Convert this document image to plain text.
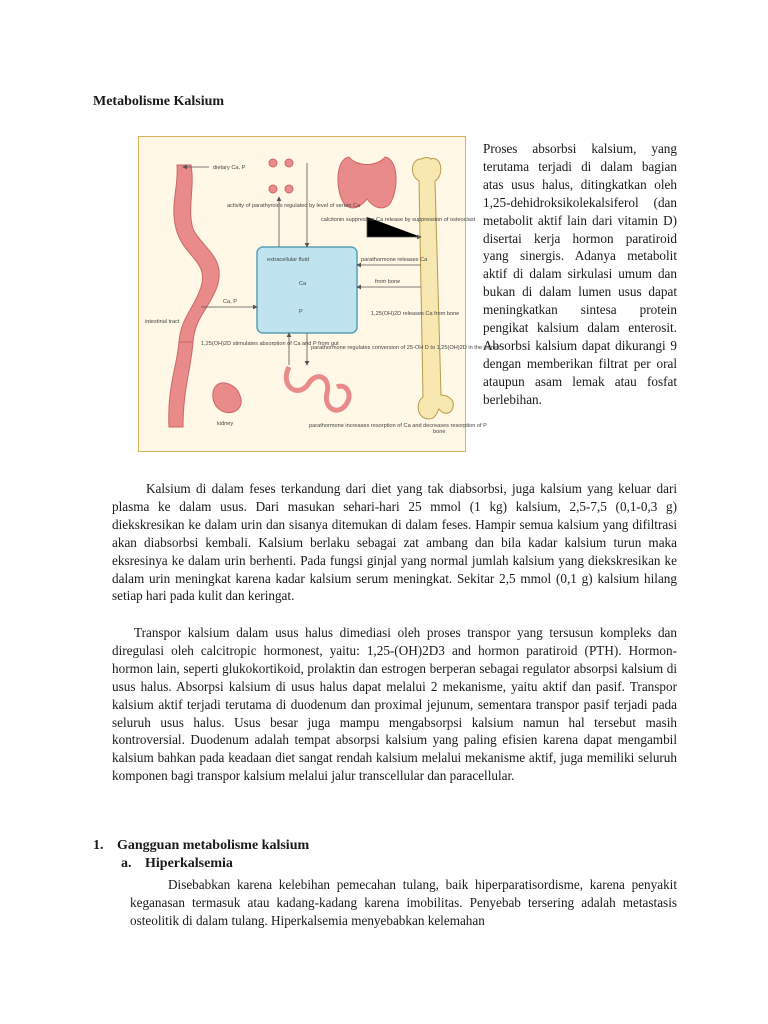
Metabolisme Kalsium
dietary Ca, P
activity of parathyroids regulated by level of serum Ca
calcitonin suppresses Ca release by suppression of osteoclast
extracellular fluid
Ca
P
parathormone releases Ca
from bone
Ca, P
intestinal tract
1,25(OH)2D stimulates absorption of Ca and P from gut
1,25(OH)2D releases Ca from bone
parathormone regulates conversion of 25-OH D to 1,25(OH)2D in the kidney
bone
kidney	parathormone increases resorption of Ca and decreases resorption of P
Proses absorbsi kalsium, yang terutama terjadi di dalam bagian atas usus halus, ditingkatkan oleh 1,25-dehidroksikolekalsiferol (dan metabolit aktif lain dari vitamin D) disertai kerja hormon paratiroid yang sinergis. Adanya metabolit aktif di dalam sirkulasi umum dan bukan di dalam lumen usus dapat meningkatkan sintesa protein pengikat kalsium dalam enterosit. Absorbsi kalsium dapat dikurangi 9 dengan memberikan filtrat per oral ataupun asam lemak atau fosfat berlebihan.

Kalsium di dalam feses terkandung dari diet yang tak diabsorbsi, juga kalsium yang keluar dari plasma ke dalam usus. Dari masukan sehari-hari 25 mmol (1 kg) kalsium, 2,5-7,5 (0,1-0,3 g) diekskresikan ke dalam urin dan sisanya ditemukan di dalam feses. Hampir semua kalsium yang difiltrasi akan diabsorbsi kembali. Kalsium berlaku sebagai zat ambang dan bila kadar kalsium turun maka eksresinya ke dalam urin berhenti. Pada fungsi ginjal yang normal jumlah kalsium yang diekskresikan ke dalam urin meningkat karena kadar kalsium serum meningkat. Sekitar 2,5 mmol (0,1 g) kalsium hilang setiap hari pada kulit dan keringat.

Transpor kalsium dalam usus halus dimediasi oleh proses transpor yang tersusun kompleks dan diregulasi oleh calcitropic hormonest, yaitu: 1,25-(OH)2D3 and hormon paratiroid (PTH). Hormon-hormon lain, seperti glukokortikoid, prolaktin dan estrogen berperan sebagai regulator absorpsi kalsium di usus halus. Absorpsi kalsium di usus halus dapat melalui 2 mekanisme, yaitu aktif dan pasif. Transpor kalsium aktif terjadi terutama di duodenum dan proximal jejunum, sementara transpor pasif terjadi pada seluruh usus halus. Usus besar juga mampu mengabsorpsi kalsium namun hal tersebut masih kontroversial. Duodenum adalah tempat absorpsi kalsium yang paling efisien karena dapat mengambil kalsium bahkan pada keadaan diet sangat rendah kalsium melalui mekanisme aktif, juga memiliki seluruh komponen bagi transpor kalsium melalui jalur transcellular dan paracellular.

1. Gangguan metabolisme kalsium
a. Hiperkalsemia

Disebabkan karena kelebihan pemecahan tulang, baik hiperparatisordisme, karena penyakit keganasan termasuk atau kadang-kadang karena imobilitas. Penyebab tersering adalah metastasis osteolitik di dalam tulang. Hiperkalsemia menyebabkan kelemahan
